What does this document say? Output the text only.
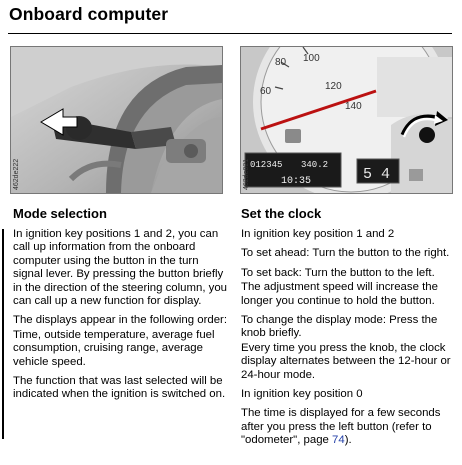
Onboard computer
462de222
60
80 100
120
140
012345 340.2
10:35	5 4
462de021
Mode selection

In ignition key positions 1 and 2, you can call up information from the onboard computer using the button in the turn signal lever. By pressing the button briefly in the direction of the steering column, you can call up a new function for display.

The displays appear in the following order:

Time, outside temperature, average fuel consumption, cruising range, average vehicle speed.

The function that was last selected will be indicated when the ignition is switched on.

Set the clock

In ignition key position 1 and 2

To set ahead: Turn the button to the right.

To set back: Turn the button to the left.

The adjustment speed will increase the longer you continue to hold the button.

To change the display mode: Press the knob briefly.

Every time you press the knob, the clock display alternates between the 12-hour or 24-hour mode.

In ignition key position 0

The time is displayed for a few seconds after you press the left button (refer to "odometer", page 74).
